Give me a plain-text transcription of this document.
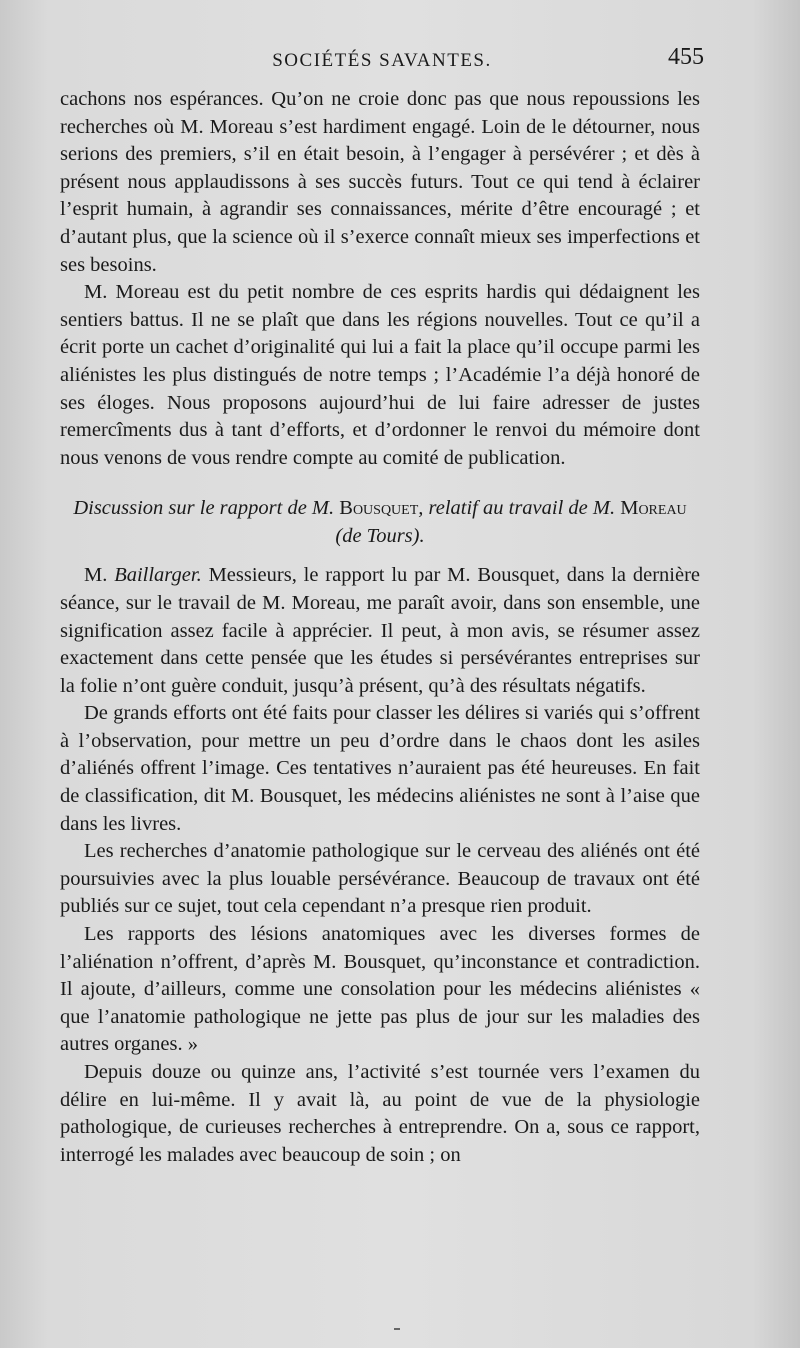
SOCIÉTÉS SAVANTES.	455

cachons nos espérances. Qu’on ne croie donc pas que nous repoussions les recherches où M. Moreau s’est hardiment engagé. Loin de le détourner, nous serions des premiers, s’il en était besoin, à l’engager à persévérer ; et dès à présent nous applaudissons à ses succès futurs. Tout ce qui tend à éclairer l’esprit humain, à agrandir ses connaissances, mérite d’être encouragé ; et d’autant plus, que la science où il s’exerce connaît mieux ses imperfections et ses besoins.

M. Moreau est du petit nombre de ces esprits hardis qui dédaignent les sentiers battus. Il ne se plaît que dans les régions nouvelles. Tout ce qu’il a écrit porte un cachet d’originalité qui lui a fait la place qu’il occupe parmi les aliénistes les plus distingués de notre temps ; l’Académie l’a déjà honoré de ses éloges. Nous proposons aujourd’hui de lui faire adresser de justes remercîments dus à tant d’efforts, et d’ordonner le renvoi du mémoire dont nous venons de vous rendre compte au comité de publication.

Discussion sur le rapport de M. Bousquet, relatif au travail de M. Moreau (de Tours).

M. Baillarger. Messieurs, le rapport lu par M. Bousquet, dans la dernière séance, sur le travail de M. Moreau, me paraît avoir, dans son ensemble, une signification assez facile à apprécier. Il peut, à mon avis, se résumer assez exactement dans cette pensée que les études si persévérantes entreprises sur la folie n’ont guère conduit, jusqu’à présent, qu’à des résultats négatifs.

De grands efforts ont été faits pour classer les délires si variés qui s’offrent à l’observation, pour mettre un peu d’ordre dans le chaos dont les asiles d’aliénés offrent l’image. Ces tentatives n’auraient pas été heureuses. En fait de classification, dit M. Bousquet, les médecins aliénistes ne sont à l’aise que dans les livres.

Les recherches d’anatomie pathologique sur le cerveau des aliénés ont été poursuivies avec la plus louable persévérance. Beaucoup de travaux ont été publiés sur ce sujet, tout cela cependant n’a presque rien produit.

Les rapports des lésions anatomiques avec les diverses formes de l’aliénation n’offrent, d’après M. Bousquet, qu’inconstance et contradiction. Il ajoute, d’ailleurs, comme une consolation pour les médecins aliénistes « que l’anatomie pathologique ne jette pas plus de jour sur les maladies des autres organes. »

Depuis douze ou quinze ans, l’activité s’est tournée vers l’examen du délire en lui-même. Il y avait là, au point de vue de la physiologie pathologique, de curieuses recherches à entreprendre. On a, sous ce rapport, interrogé les malades avec beaucoup de soin ; on
